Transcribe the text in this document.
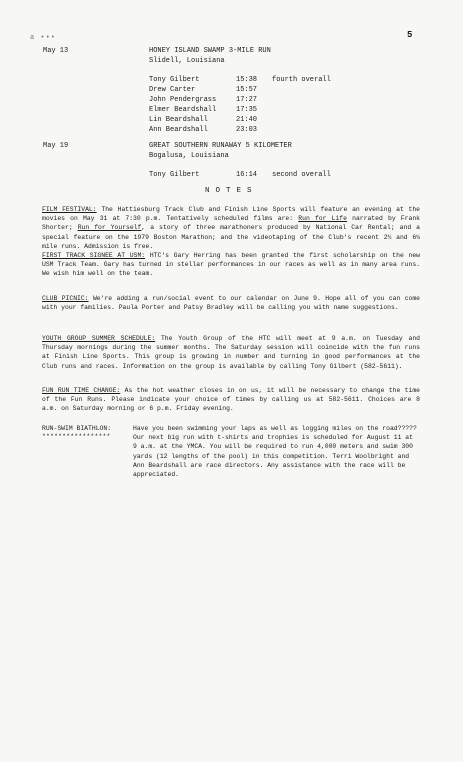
a •••	5
May 13	HONEY ISLAND SWAMP 3-MILE RUN
Slidell, Louisiana
Tony Gilbert	15:38 fourth overall
Drew Carter	15:57
John Pendergrass	17:27
Elmer Beardshall	17:35
Lin Beardshall	21:40
Ann Beardshall	23:03
May 19	GREAT SOUTHERN RUNAWAY 5 KILOMETER
Bogalusa, Louisiana
Tony Gilbert	16:14 second overall
NOTES
FILM FESTIVAL: The Hattiesburg Track Club and Finish Line Sports will feature an evening at the movies on May 31 at 7:30 p.m. Tentatively scheduled films are: Run for Life narrated by Frank Shorter; Run for Yourself, a story of three marathoners produced by National Car Rental; and a special feature on the 1979 Boston Marathon; and the videotaping of the Club's recent 2½ and 6¼ mile runs. Admission is free.
FIRST TRACK SIGNEE AT USM: HTC's Gary Herring has been granted the first scholarship on the new USM Track Team. Gary has turned in stellar performances in our races as well as in many area runs. We wish him well on the team.
CLUB PICNIC: We're adding a run/social event to our calendar on June 9. Hope all of you can come with your families. Paula Porter and Patsy Bradley will be calling you with name suggestions.
YOUTH GROUP SUMMER SCHEDULE: The Youth Group of the HTC will meet at 9 a.m. on Tuesday and Thursday mornings during the summer months. The Saturday session will coincide with the fun runs at Finish Line Sports. This group is growing in number and turning in good performances at the Club runs and races. Information on the group is available by calling Tony Gilbert (582-5611).
FUN RUN TIME CHANGE: As the hot weather closes in on us, it will be necessary to change the time of the Fun Runs. Please indicate your choice of times by calling us at 582-5611. Choices are 8 a.m. on Saturday morning or 6 p.m. Friday evening.
RUN-SWIM BIATHLON:
*****************
Have you been swimming your laps as well as logging miles on the road????? Our next big run with t-shirts and trophies is scheduled for August 11 at 9 a.m. at the YMCA. You will be required to run 4,000 meters and swim 300 yards (12 lengths of the pool) in this competition. Terri Woolbright and Ann Beardshall are race directors. Any assistance with the race will be appreciated.
